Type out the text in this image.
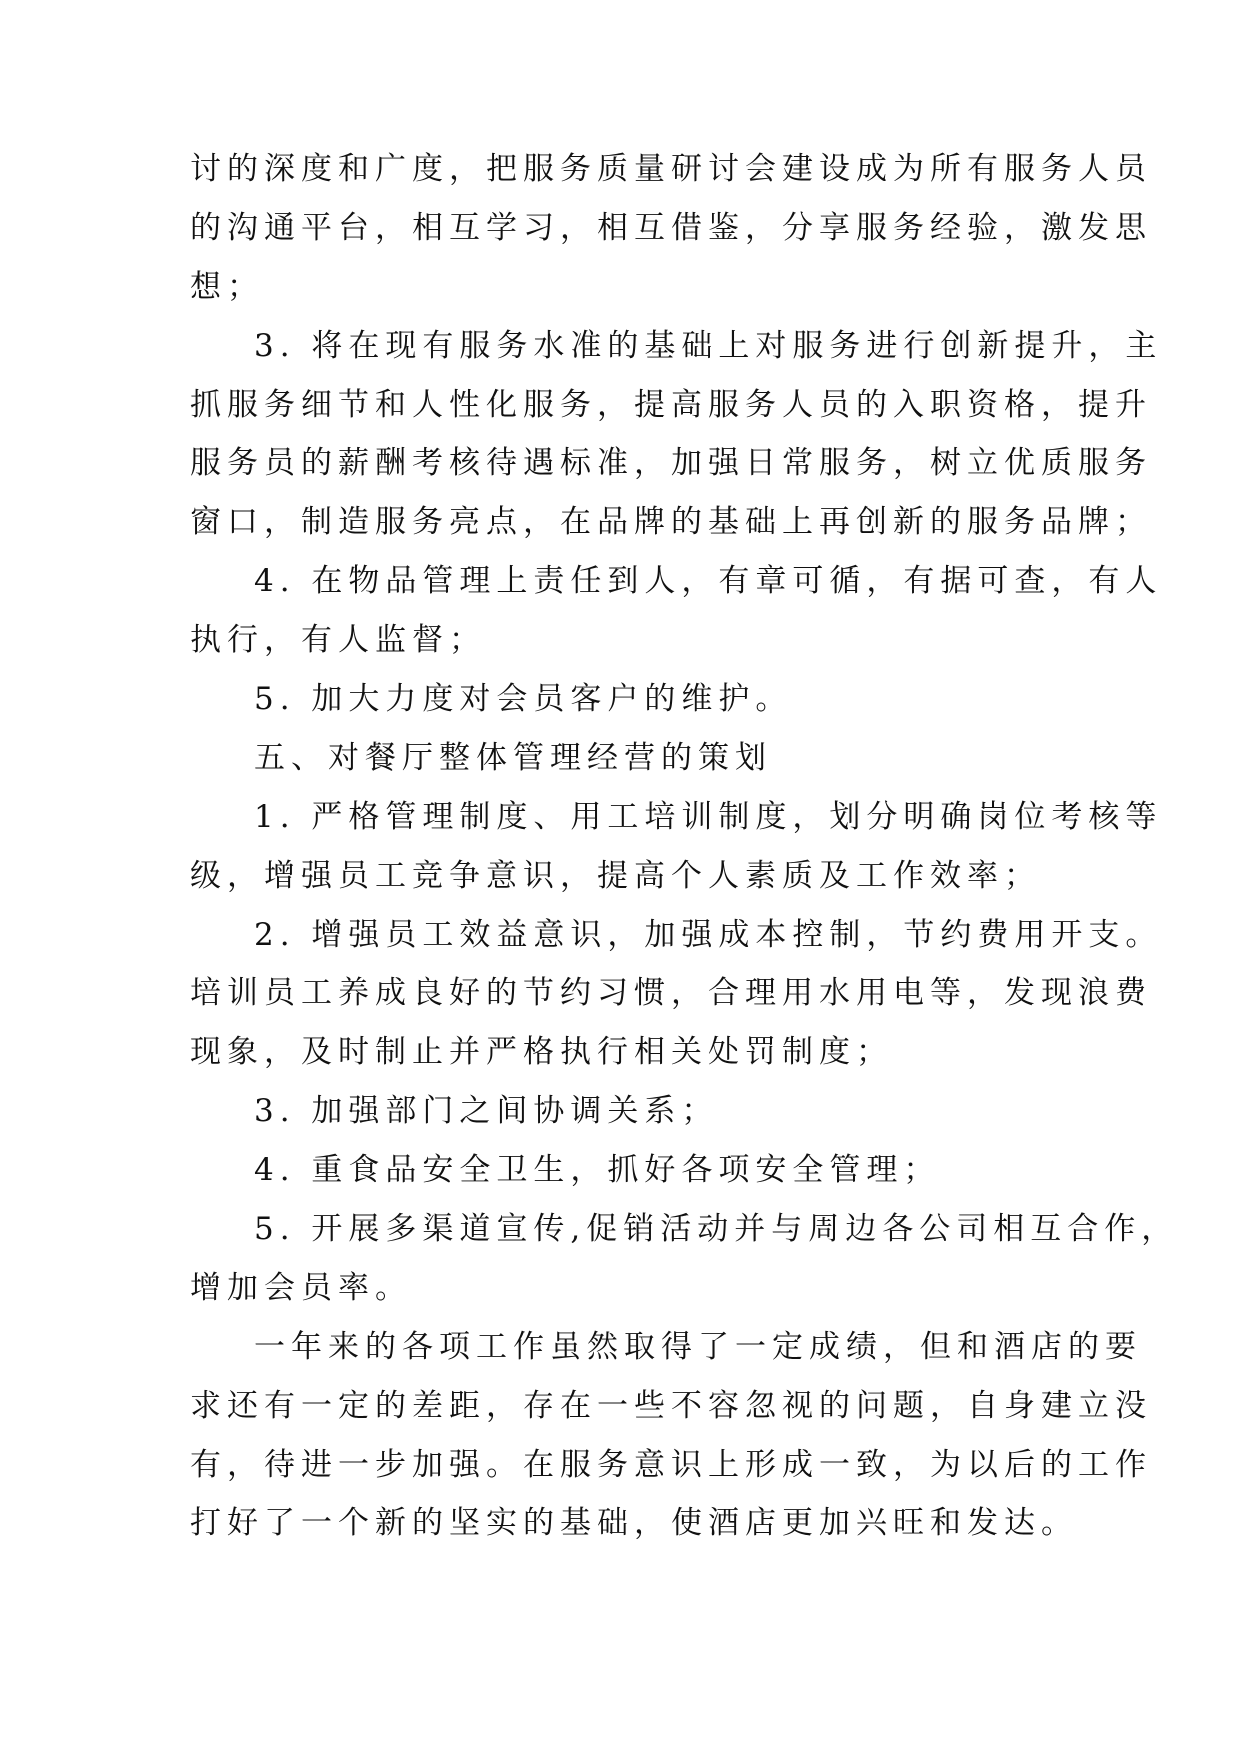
讨的深度和广度，把服务质量研讨会建设成为所有服务人员
的沟通平台，相互学习，相互借鉴，分享服务经验，激发思
想；
3. 将在现有服务水准的基础上对服务进行创新提升，主
抓服务细节和人性化服务，提高服务人员的入职资格，提升
服务员的薪酬考核待遇标准，加强日常服务，树立优质服务
窗口，制造服务亮点，在品牌的基础上再创新的服务品牌；
4. 在物品管理上责任到人，有章可循，有据可查，有人
执行，有人监督；
5. 加大力度对会员客户的维护。
五、对餐厅整体管理经营的策划
1. 严格管理制度、用工培训制度，划分明确岗位考核等
级，增强员工竞争意识，提高个人素质及工作效率；
2. 增强员工效益意识，加强成本控制，节约费用开支。
培训员工养成良好的节约习惯，合理用水用电等，发现浪费
现象，及时制止并严格执行相关处罚制度；
3. 加强部门之间协调关系；
4. 重食品安全卫生，抓好各项安全管理；
5. 开展多渠道宣传,促销活动并与周边各公司相互合作，
增加会员率。
一年来的各项工作虽然取得了一定成绩，但和酒店的要
求还有一定的差距，存在一些不容忽视的问题，自身建立没
有，待进一步加强。在服务意识上形成一致，为以后的工作
打好了一个新的坚实的基础，使酒店更加兴旺和发达。
